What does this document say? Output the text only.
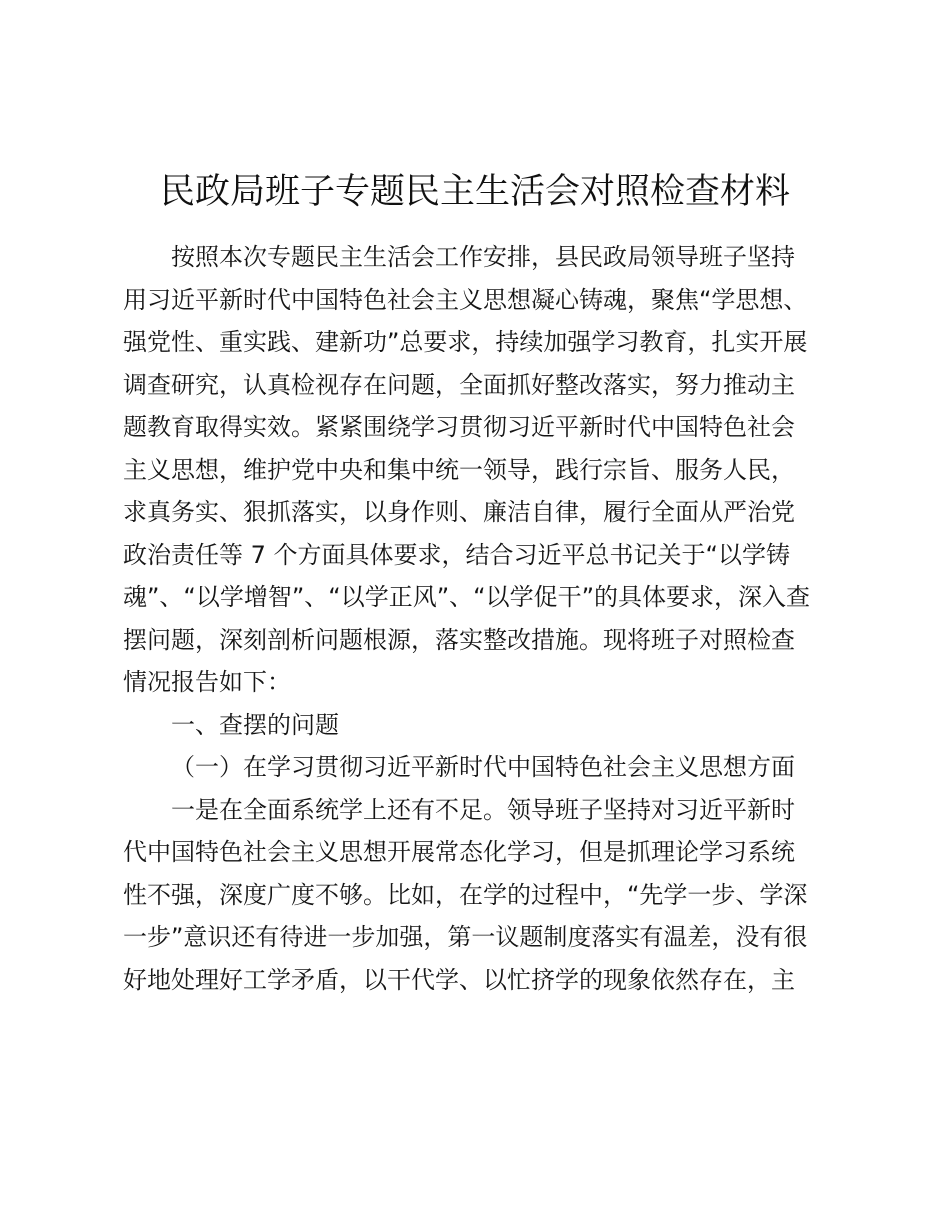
民政局班子专题民主生活会对照检查材料
按照本次专题民主生活会工作安排，县民政局领导班子坚持
用习近平新时代中国特色社会主义思想凝心铸魂，聚焦“学思想、
强党性、重实践、建新功”总要求，持续加强学习教育，扎实开展
调查研究，认真检视存在问题，全面抓好整改落实，努力推动主
题教育取得实效。紧紧围绕学习贯彻习近平新时代中国特色社会
主义思想，维护党中央和集中统一领导，践行宗旨、服务人民，
求真务实、狠抓落实，以身作则、廉洁自律，履行全面从严治党
政治责任等 7 个方面具体要求，结合习近平总书记关于“以学铸
魂”、“以学增智”、“以学正风”、“以学促干”的具体要求，深入查
摆问题，深刻剖析问题根源，落实整改措施。现将班子对照检查
情况报告如下：
一、查摆的问题
（一）在学习贯彻习近平新时代中国特色社会主义思想方面
一是在全面系统学上还有不足。领导班子坚持对习近平新时
代中国特色社会主义思想开展常态化学习，但是抓理论学习系统
性不强，深度广度不够。比如，在学的过程中，“先学一步、学深
一步”意识还有待进一步加强，第一议题制度落实有温差，没有很
好地处理好工学矛盾，以干代学、以忙挤学的现象依然存在，主
